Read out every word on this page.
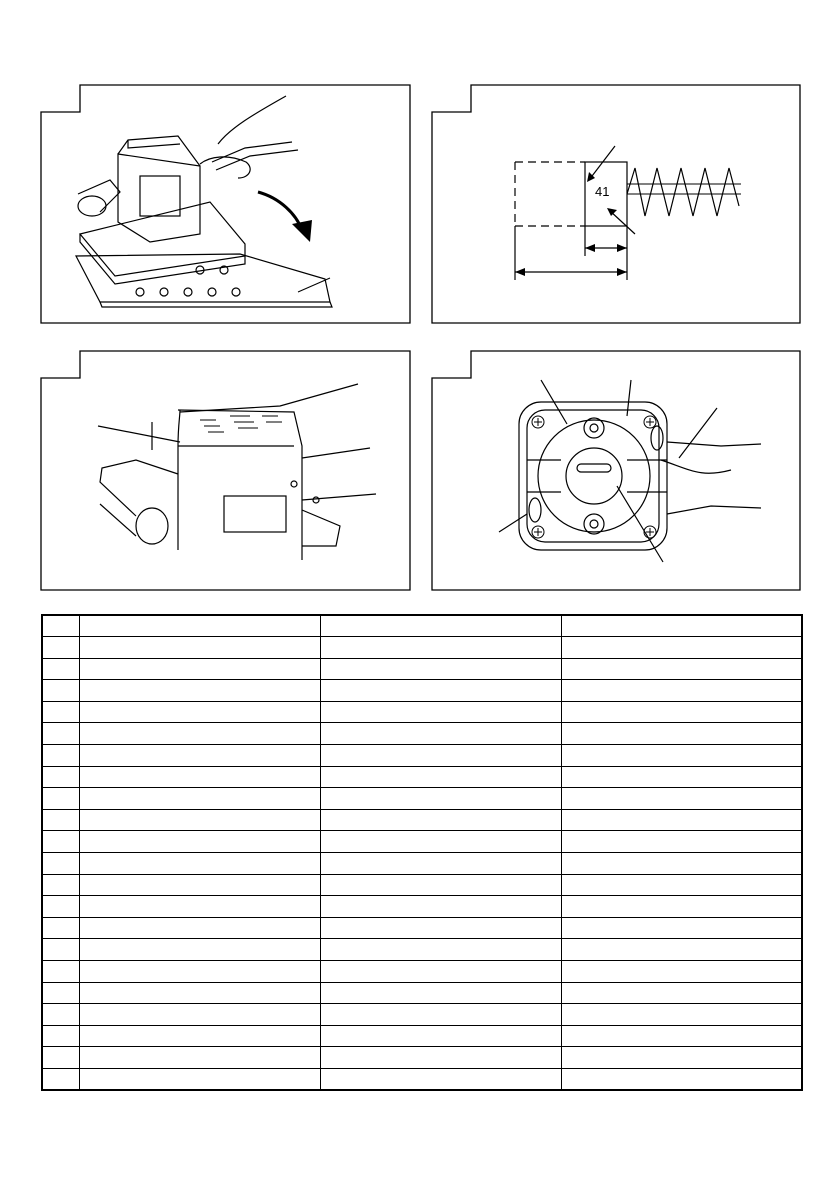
41
